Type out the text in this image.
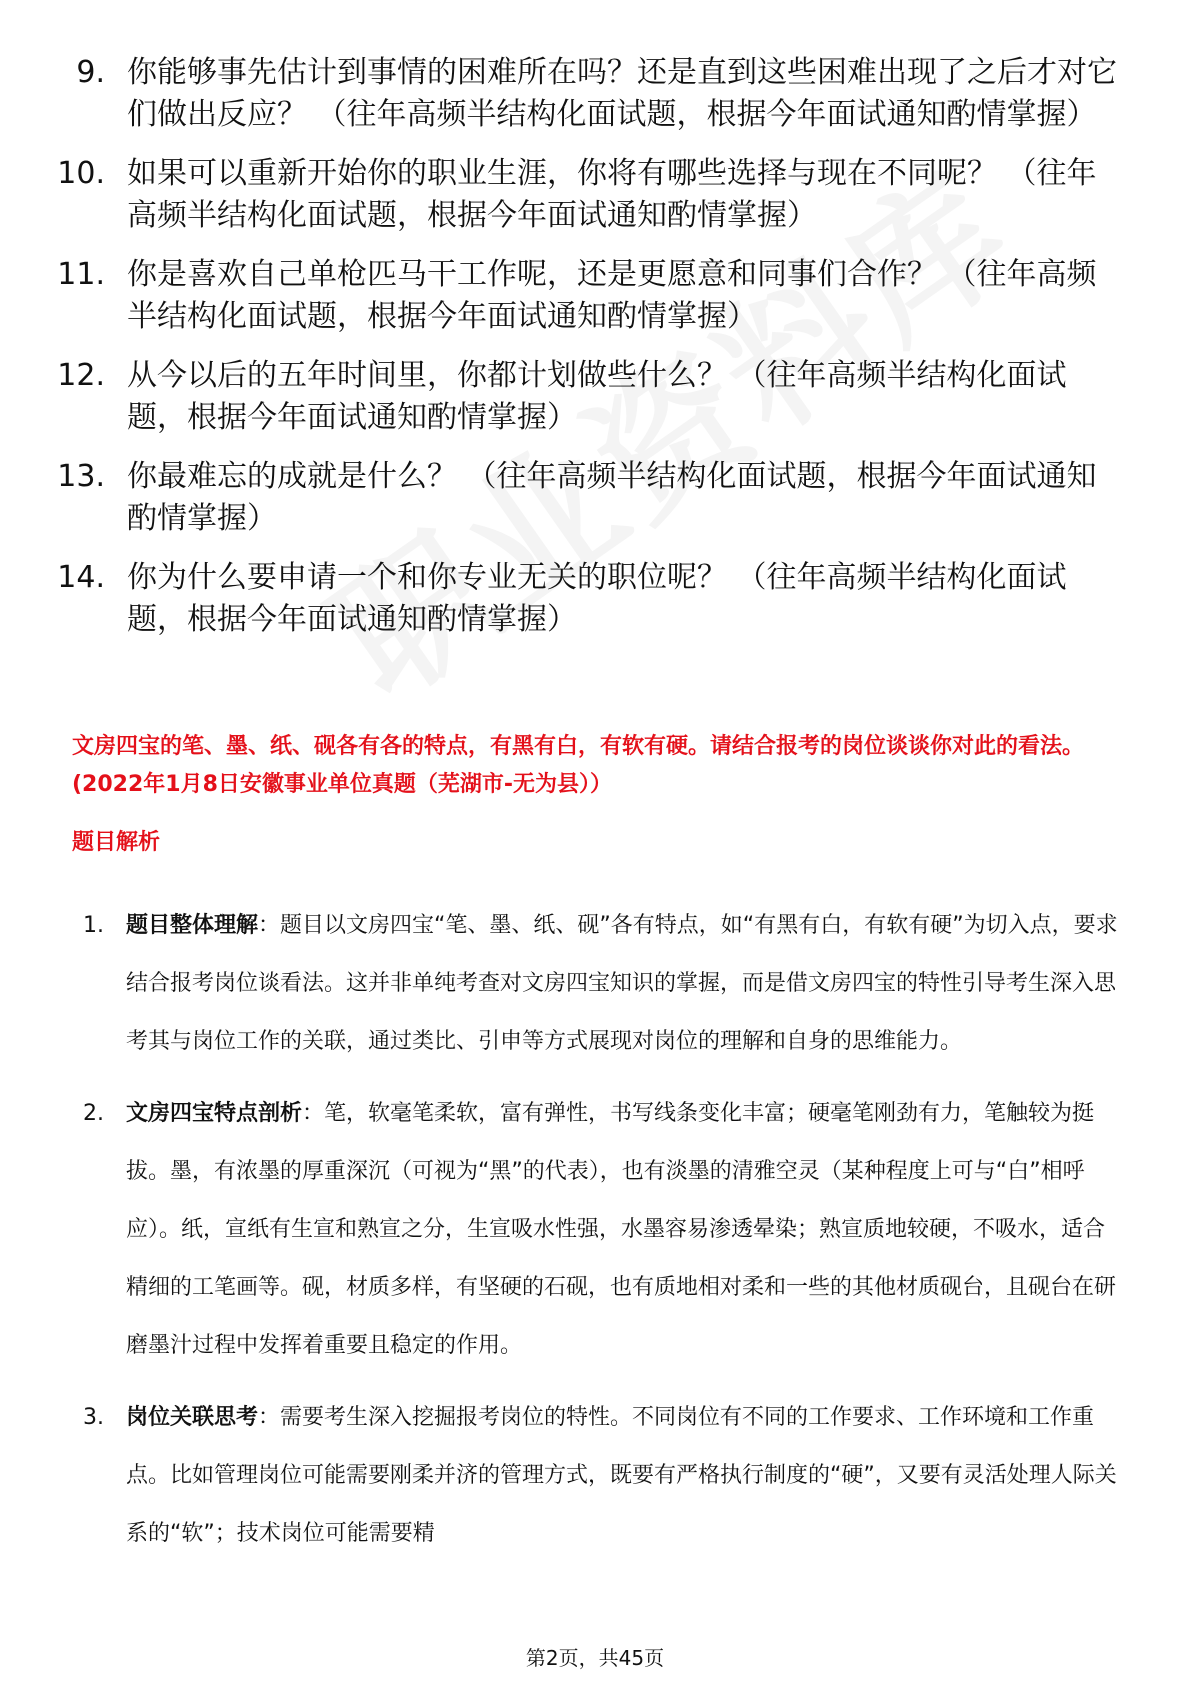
9. 你能够事先估计到事情的困难所在吗？还是直到这些困难出现了之后才对它们做出反应？ （往年高频半结构化面试题，根据今年面试通知酌情掌握）
10. 如果可以重新开始你的职业生涯，你将有哪些选择与现在不同呢？ （往年高频半结构化面试题，根据今年面试通知酌情掌握）
11. 你是喜欢自己单枪匹马干工作呢，还是更愿意和同事们合作？ （往年高频半结构化面试题，根据今年面试通知酌情掌握）
12. 从今以后的五年时间里，你都计划做些什么？ （往年高频半结构化面试题，根据今年面试通知酌情掌握）
13. 你最难忘的成就是什么？ （往年高频半结构化面试题，根据今年面试通知酌情掌握）
14. 你为什么要申请一个和你专业无关的职位呢？ （往年高频半结构化面试题，根据今年面试通知酌情掌握）
文房四宝的笔、墨、纸、砚各有各的特点，有黑有白，有软有硬。请结合报考的岗位谈谈你对此的看法。(2022年1月8日安徽事业单位真题（芜湖市-无为县））
题目解析
1. 题目整体理解：题目以文房四宝“笔、墨、纸、砚”各有特点，如“有黑有白，有软有硬”为切入点，要求结合报考岗位谈看法。这并非单纯考查对文房四宝知识的掌握，而是借文房四宝的特性引导考生深入思考其与岗位工作的关联，通过类比、引申等方式展现对岗位的理解和自身的思维能力。
2. 文房四宝特点剖析：笔，软毫笔柔软，富有弹性，书写线条变化丰富；硬毫笔刚劲有力，笔触较为挺拔。墨，有浓墨的厚重深沉（可视为“黑”的代表），也有淡墨的清雅空灵（某种程度上可与“白”相呼应）。纸，宣纸有生宣和熟宣之分，生宣吸水性强，水墨容易渗透晕染；熟宣质地较硬，不吸水，适合精细的工笔画等。砚，材质多样，有坚硬的石砚，也有质地相对柔和一些的其他材质砚台，且砚台在研磨墨汁过程中发挥着重要且稳定的作用。
3. 岗位关联思考：需要考生深入挖掘报考岗位的特性。不同岗位有不同的工作要求、工作环境和工作重点。比如管理岗位可能需要刚柔并济的管理方式，既要有严格执行制度的“硬”，又要有灵活处理人际关系的“软”；技术岗位可能需要精
第2页，共45页
